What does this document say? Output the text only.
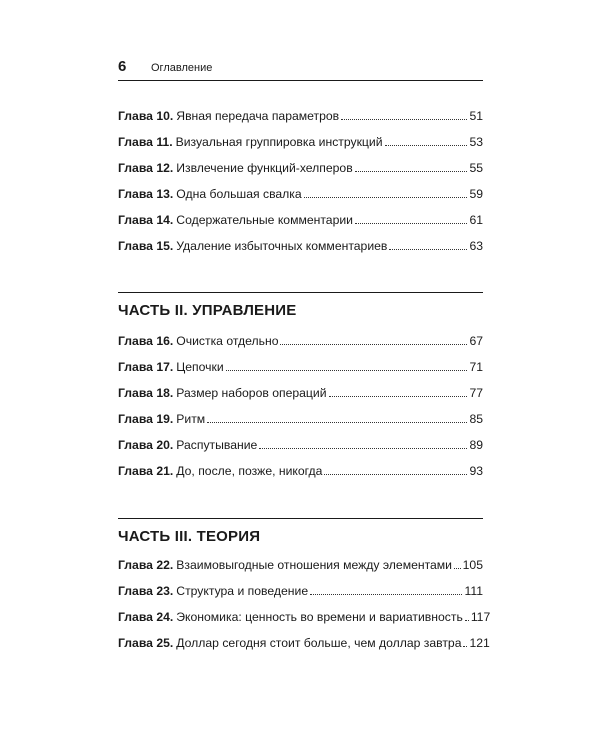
6 Оглавление
Глава 10. Явная передача параметров	51
Глава 11. Визуальная группировка инструкций	53
Глава 12. Извлечение функций-хелперов	55
Глава 13. Одна большая свалка	59
Глава 14. Содержательные комментарии	61
Глава 15. Удаление избыточных комментариев	63
ЧАСТЬ II. УПРАВЛЕНИЕ
Глава 16. Очистка отдельно	67
Глава 17. Цепочки	71
Глава 18. Размер наборов операций	77
Глава 19. Ритм	85
Глава 20. Распутывание	89
Глава 21. До, после, позже, никогда	93
ЧАСТЬ III. ТЕОРИЯ
Глава 22. Взаимовыгодные отношения между элементами 105
Глава 23. Структура и поведение	111
Глава 24. Экономика: ценность во времени и вариативность 117
Глава 25. Доллар сегодня стоит больше, чем доллар завтра 121
